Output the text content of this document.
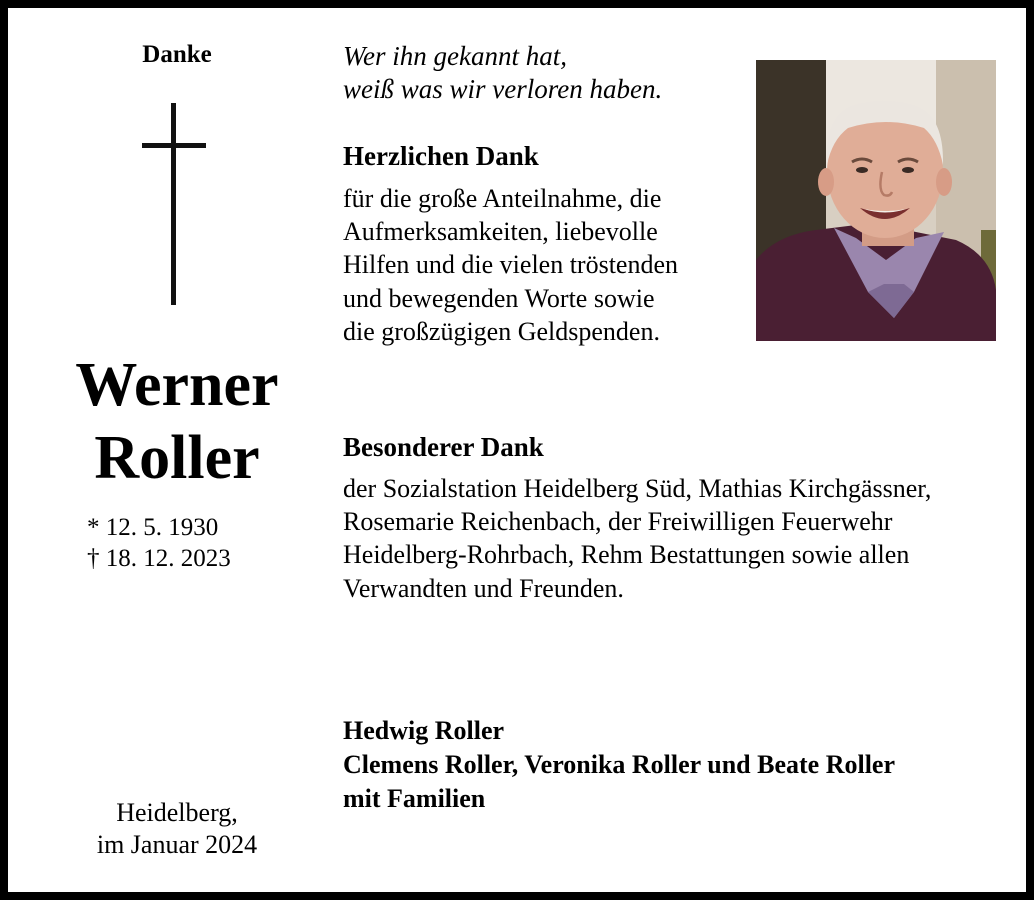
Danke
Werner
Roller
* 12. 5. 1930
† 18. 12. 2023
Heidelberg,
im Januar 2024
Wer ihn gekannt hat,
weiß was wir verloren haben.
Herzlichen Dank
für die große Anteilnahme, die
Aufmerksamkeiten, liebevolle
Hilfen und die vielen tröstenden
und bewegenden Worte sowie
die großzügigen Geldspenden.
Besonderer Dank
der Sozialstation Heidelberg Süd, Mathias Kirchgässner,
Rosemarie Reichenbach, der Freiwilligen Feuerwehr
Heidelberg-Rohrbach, Rehm Bestattungen sowie allen
Verwandten und Freunden.
Hedwig Roller
Clemens Roller, Veronika Roller und Beate Roller
mit Familien
